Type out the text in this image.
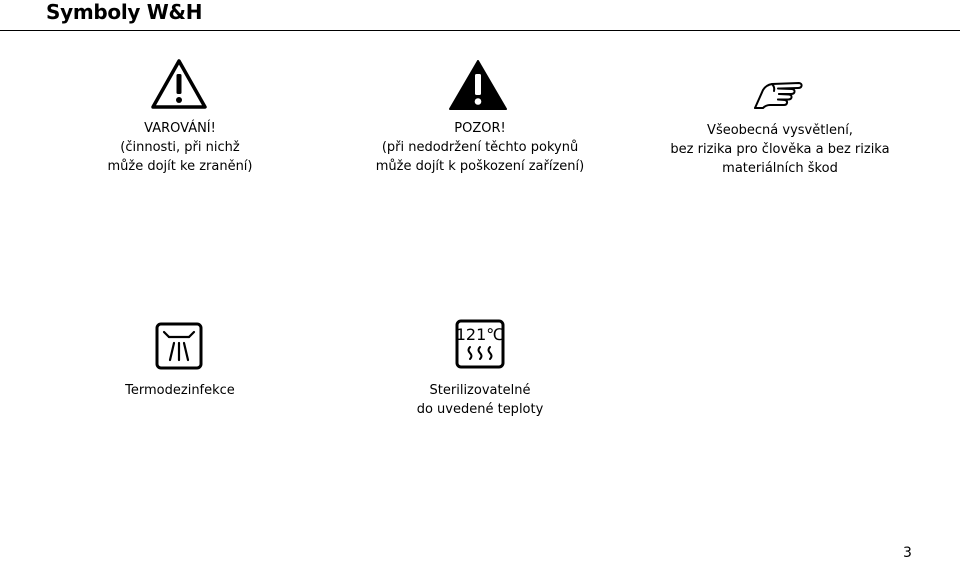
Symboly W&H
VAROVÁNÍ!
(činnosti, při nichž
může dojít ke zranění)
POZOR!
(při nedodržení těchto pokynů
může dojít k poškození zařízení)
Všeobecná vysvětlení,
bez rizika pro člověka a bez rizika
materiálních škod
Termodezinfekce
121℃
Sterilizovatelné
do uvedené teploty
3
